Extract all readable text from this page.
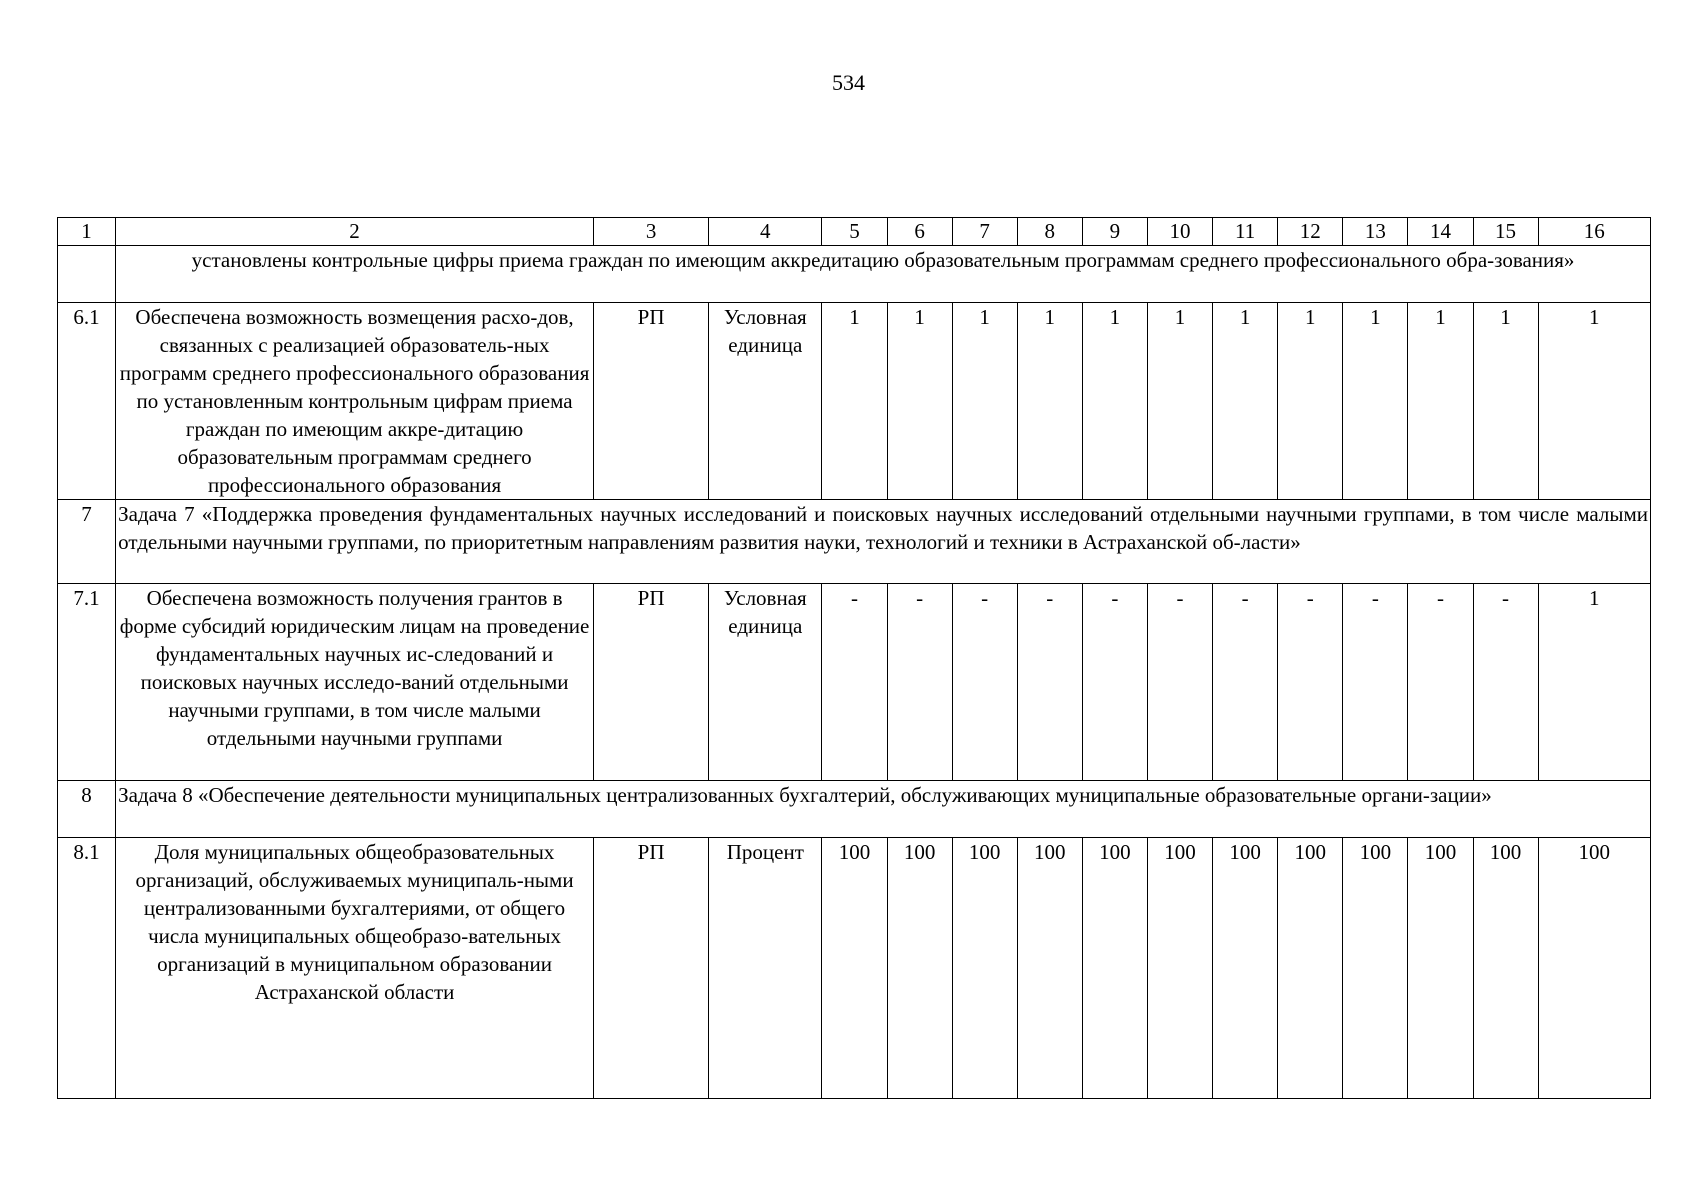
534
1	2	3	4	5	6	7	8	9	10	11	12	13	14	15	16
	установлены контрольные цифры приема граждан по имеющим аккредитацию образовательным программам среднего профессионального обра-зования»														
6.1	Обеспечена возможность возмещения расхо-дов, связанных с реализацией образователь-ных программ среднего профессионального образования по установленным контрольным цифрам приема граждан по имеющим аккре-дитацию образовательным программам среднего профессионального образования	РП	Условная единица	1	1	1	1	1	1	1	1	1	1	1	1
7	Задача 7 «Поддержка проведения фундаментальных научных исследований и поисковых научных исследований отдельными научными группами, в том числе малыми отдельными научными группами, по приоритетным направлениям развития науки, технологий и техники в Астраханской об-ласти»														
7.1	Обеспечена возможность получения грантов в форме субсидий юридическим лицам на проведение фундаментальных научных ис-следований и поисковых научных исследо-ваний отдельными научными группами, в том числе малыми отдельными научными группами	РП	Условная единица	-	-	-	-	-	-	-	-	-	-	-	1
8	Задача 8 «Обеспечение деятельности муниципальных централизованных бухгалтерий, обслуживающих муниципальные образовательные органи-зации»														
8.1	Доля муниципальных общеобразовательных организаций, обслуживаемых муниципаль-ными централизованными бухгалтериями, от общего числа муниципальных общеобразо-вательных организаций в муниципальном образовании Астраханской области	РП	Процент	100	100	100	100	100	100	100	100	100	100	100	100
